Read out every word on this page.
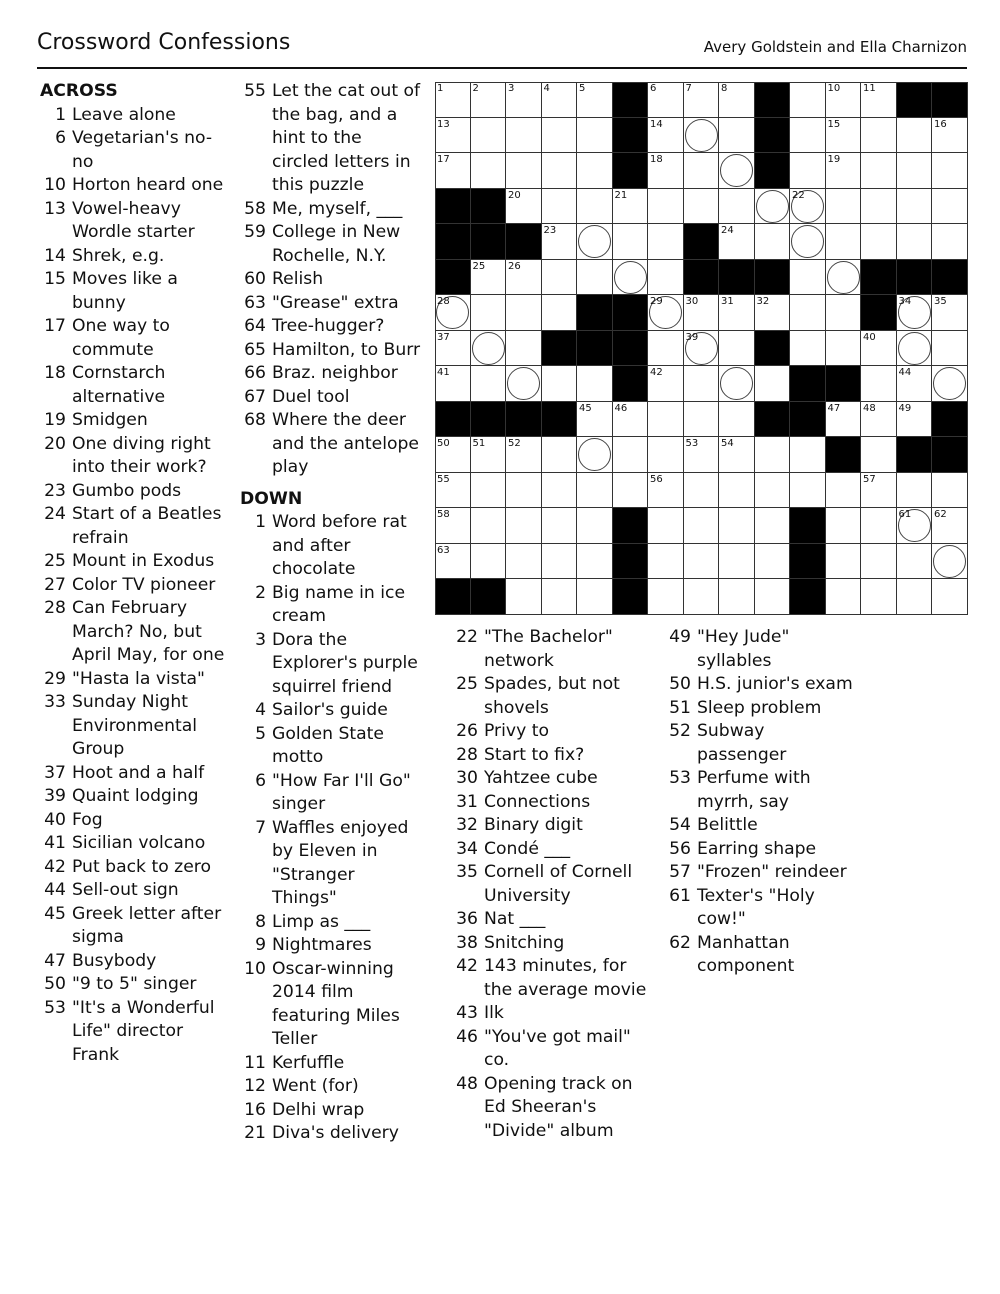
Crossword Confessions	Avery Goldstein and Ella Charnizon
ACROSS
1 Leave alone
6 Vegetarian's no-no
10 Horton heard one
13 Vowel-heavy Wordle starter
14 Shrek, e.g.
15 Moves like a bunny
17 One way to commute
18 Cornstarch alternative
19 Smidgen
20 One diving right into their work?
23 Gumbo pods
24 Start of a Beatles refrain
25 Mount in Exodus
27 Color TV pioneer
28 Can February March? No, but April May, for one
29 "Hasta la vista"
33 Sunday Night Environmental Group
37 Hoot and a half
39 Quaint lodging
40 Fog
41 Sicilian volcano
42 Put back to zero
44 Sell-out sign
45 Greek letter after sigma
47 Busybody
50 "9 to 5" singer
53 "It's a Wonderful Life" director Frank
55 Let the cat out of the bag, and a hint to the circled letters in this puzzle
58 Me, myself, ___
59 College in New Rochelle, N.Y.
60 Relish
63 "Grease" extra
64 Tree-hugger?
65 Hamilton, to Burr
66 Braz. neighbor
67 Duel tool
68 Where the deer and the antelope play
DOWN
1 Word before rat and after chocolate
2 Big name in ice cream
3 Dora the Explorer's purple squirrel friend
4 Sailor's guide
5 Golden State motto
6 "How Far I'll Go" singer
7 Waffles enjoyed by Eleven in "Stranger Things"
8 Limp as ___
9 Nightmares
10 Oscar-winning 2014 film featuring Miles Teller
11 Kerfuffle
12 Went (for)
16 Delhi wrap
21 Diva's delivery
22 "The Bachelor" network
25 Spades, but not shovels
26 Privy to
28 Start to fix?
30 Yahtzee cube
31 Connections
32 Binary digit
34 Condé ___
35 Cornell of Cornell University
36 Nat ___
38 Snitching
42 143 minutes, for the average movie
43 Ilk
46 "You've got mail" co.
48 Opening track on Ed Sheeran's "Divide" album
49 "Hey Jude" syllables
50 H.S. junior's exam
51 Sleep problem
52 Subway passenger
53 Perfume with myrrh, say
54 Belittle
56 Earring shape
57 "Frozen" reindeer
61 Texter's "Holy cow!"
62 Manhattan component
1	2	3	4	5	6	7	8	10 11
13	14	15	16
17	18	19
20	21	22
23	24
25 26
28	29 30 31 32	34 35
37	39	40
41	42	44
45 46	47 48 49
50 51 52	53 54
55	56	57
58	61 62
63
